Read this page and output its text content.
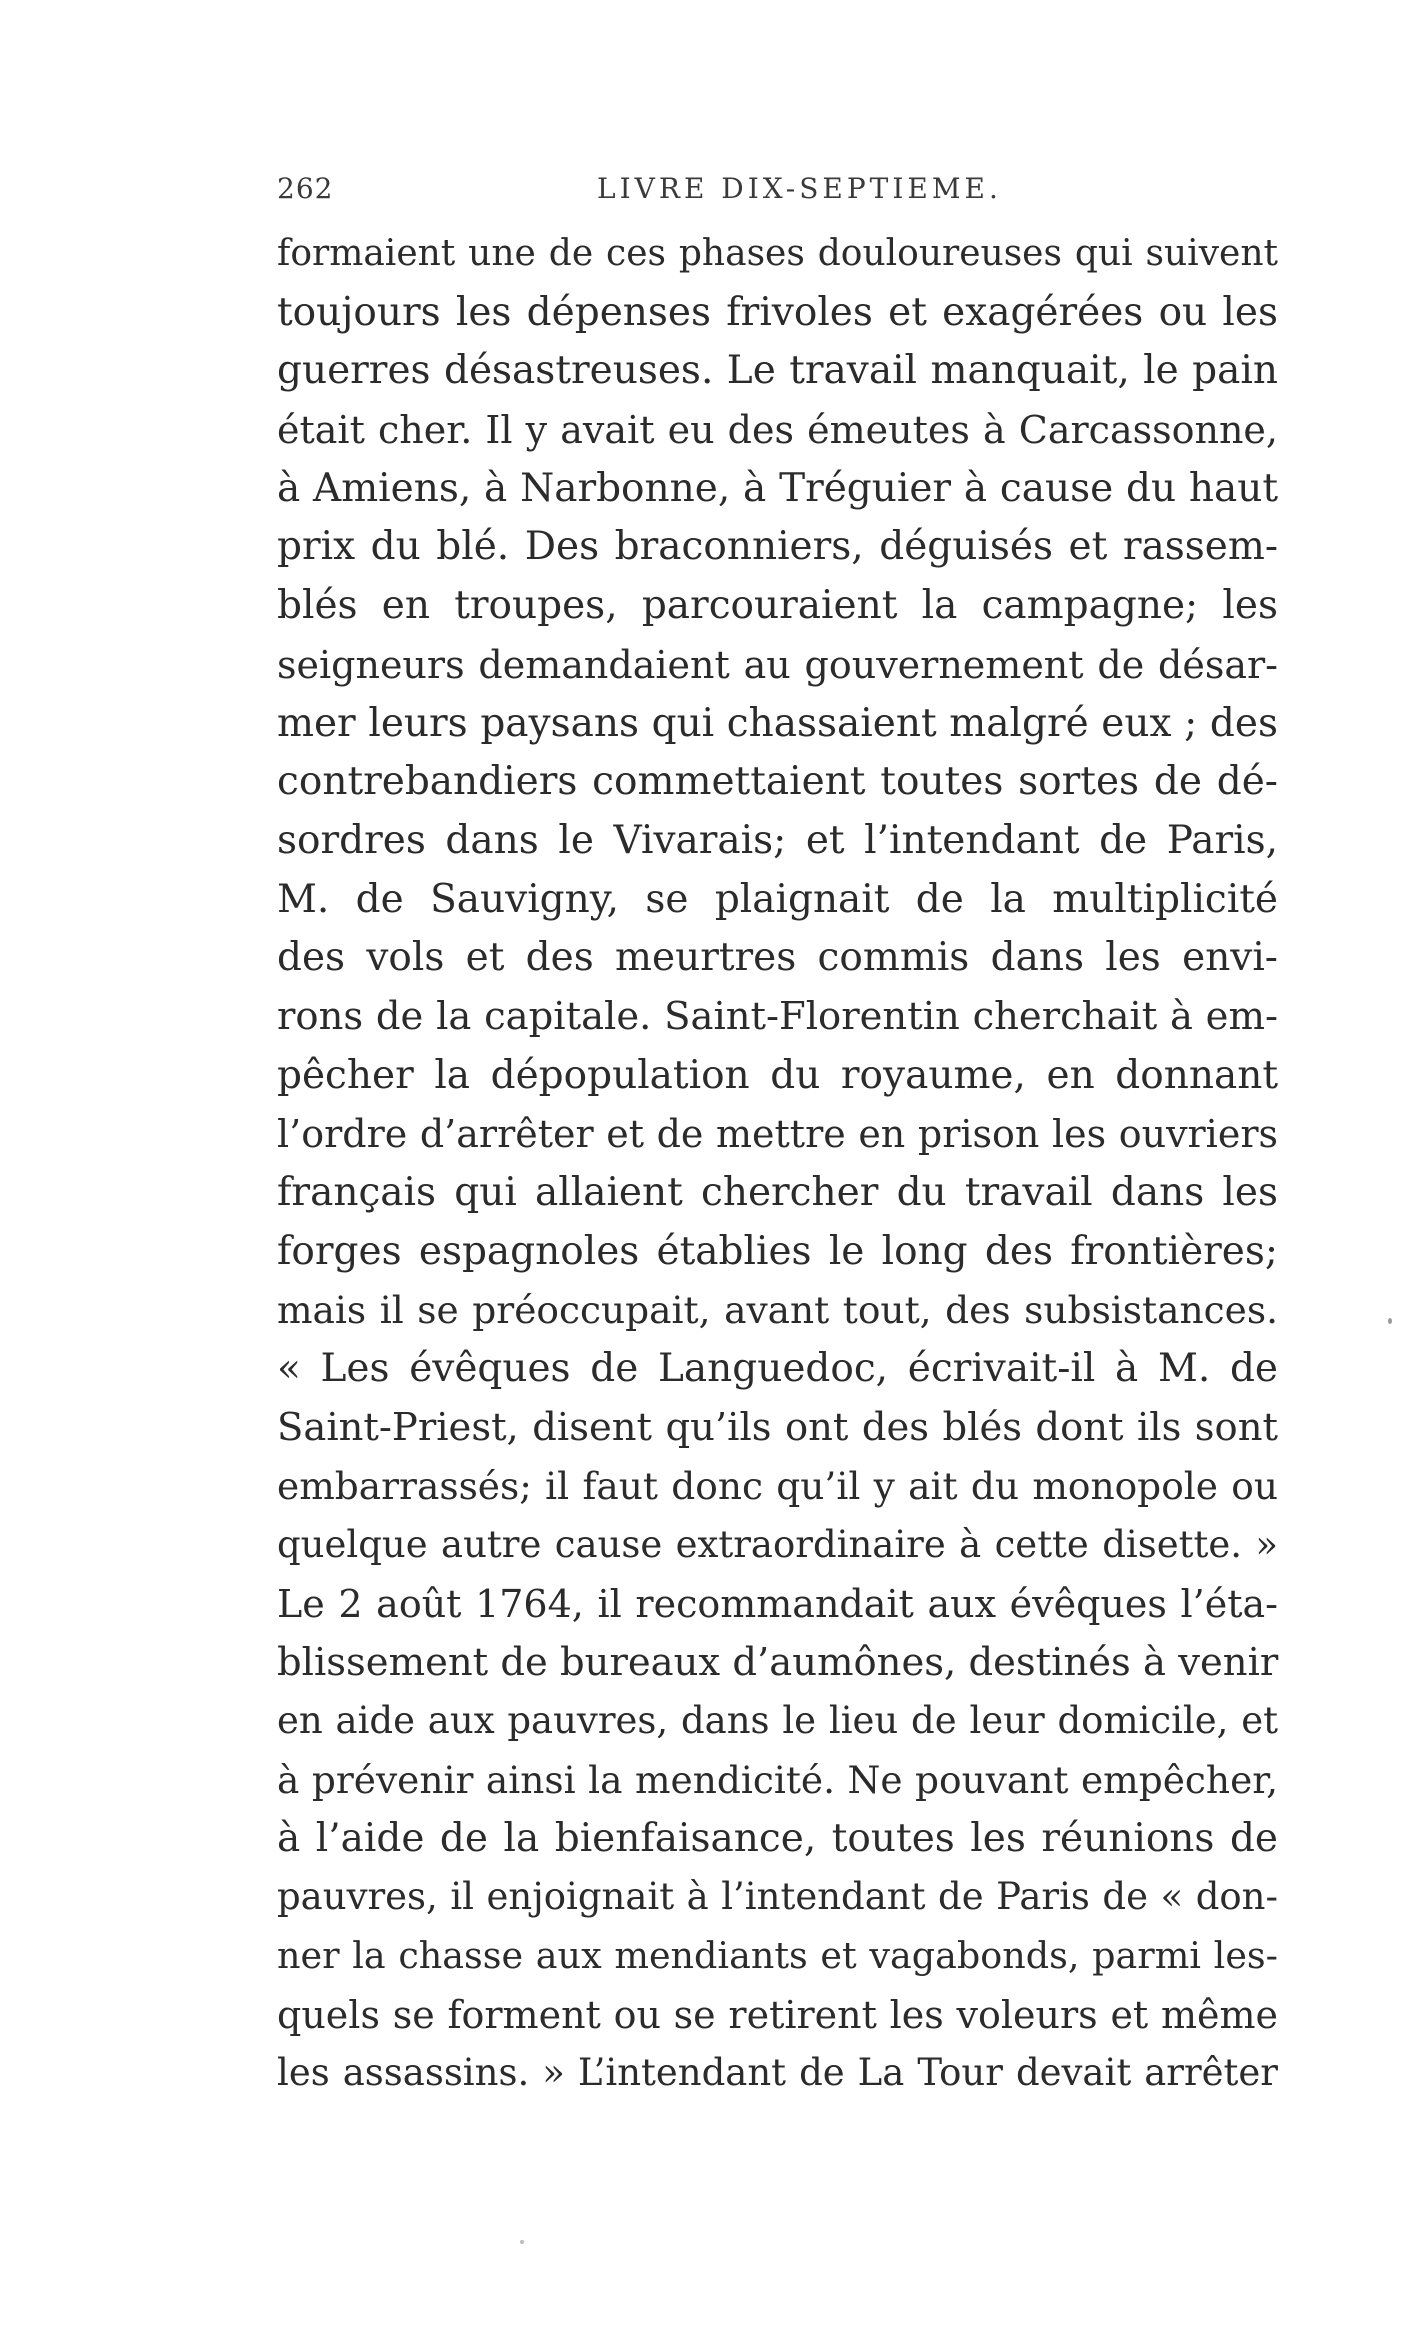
262	LIVRE DIX-SEPTIEME.
formaient une de ces phases douloureuses qui suivent
toujours les dépenses frivoles et exagérées ou les
guerres désastreuses. Le travail manquait, le pain
était cher. Il y avait eu des émeutes à Carcassonne,
à Amiens, à Narbonne, à Tréguier à cause du haut
prix du blé. Des braconniers, déguisés et rassem-
blés en troupes, parcouraient la campagne; les
seigneurs demandaient au gouvernement de désar-
mer leurs paysans qui chassaient malgré eux ; des
contrebandiers commettaient toutes sortes de dé-
sordres dans le Vivarais; et l’intendant de Paris,
M. de Sauvigny, se plaignait de la multiplicité
des vols et des meurtres commis dans les envi-
rons de la capitale. Saint-Florentin cherchait à em-
pêcher la dépopulation du royaume, en donnant
l’ordre d’arrêter et de mettre en prison les ouvriers
français qui allaient chercher du travail dans les
forges espagnoles établies le long des frontières;
mais il se préoccupait, avant tout, des subsistances.
« Les évêques de Languedoc, écrivait-il à M. de
Saint-Priest, disent qu’ils ont des blés dont ils sont
embarrassés; il faut donc qu’il y ait du monopole ou
quelque autre cause extraordinaire à cette disette. »
Le 2 août 1764, il recommandait aux évêques l’éta-
blissement de bureaux d’aumônes, destinés à venir
en aide aux pauvres, dans le lieu de leur domicile, et
à prévenir ainsi la mendicité. Ne pouvant empêcher,
à l’aide de la bienfaisance, toutes les réunions de
pauvres, il enjoignait à l’intendant de Paris de « don-
ner la chasse aux mendiants et vagabonds, parmi les-
quels se forment ou se retirent les voleurs et même
les assassins. » L’intendant de La Tour devait arrêter
